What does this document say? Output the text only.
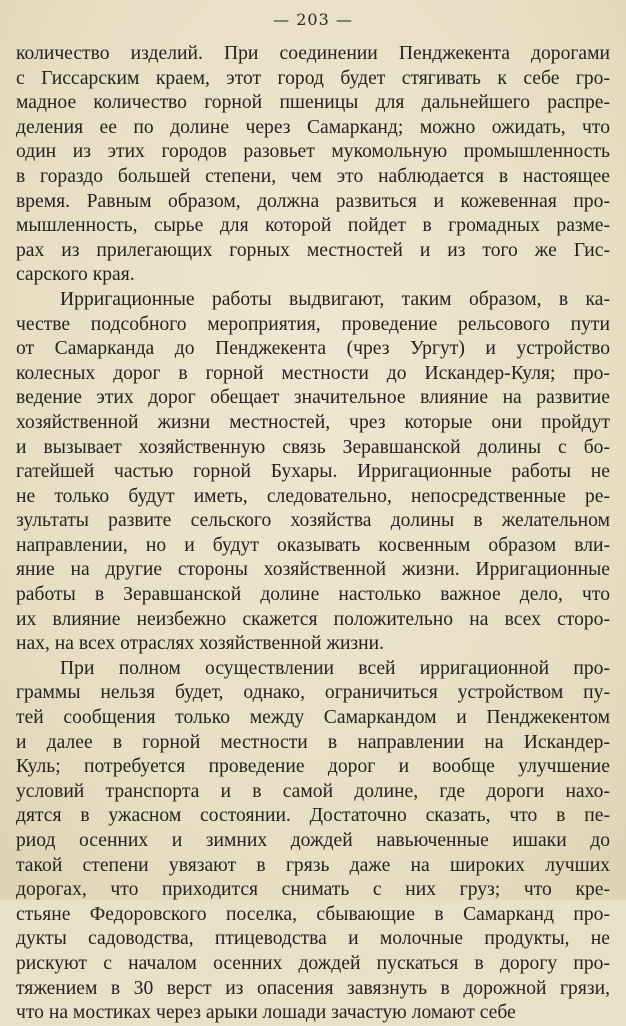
— 203 —
количество изделий. При соединении Пенджекента дорогами
с Гиссарским краем, этот город будет стягивать к себе гро-
мадное количество горной пшеницы для дальнейшего распре-
деления ее по долине через Самарканд; можно ожидать, что
один из этих городов разовьет мукомольную промышленность
в гораздо большей степени, чем это наблюдается в настоящее
время. Равным образом, должна развиться и кожевенная про-
мышленность, сырье для которой пойдет в громадных размe-
рах из прилегающих горных местностей и из того же Гис-
сарского края.
Ирригационные работы выдвигают, таким образом, в ка-
честве подсобного мероприятия, проведение рельсового пути
от Самарканда до Пенджекента (чрез Ургут) и устройство
колесных дорог в горной местности до Искандер-Куля; про-
ведение этих дорог обещает значительное влияние на развитие
хозяйственной жизни местностей, чрез которые они пройдут
и вызывает хозяйственную связь Зеравшанской долины с бо-
гатейшей частью горной Бухары. Ирригационные работы не
не только будут иметь, следовательно, непосредственные ре-
зультаты развите сельского хозяйства долины в желательном
направлении, но и будут оказывать косвенным образом вли-
яние на другие стороны хозяйственной жизни. Ирригационные
работы в Зеравшанской долине настолько важное дело, что
их влияние неизбежно скажется положительно на всех сторо-
нах, на всех отраслях хозяйственной жизни.
При полном осуществлении всей ирригационной про-
граммы нельзя будет, однако, ограничиться устройством пу-
тей сообщения только между Самаркандом и Пенджекентом
и далее в горной местности в направлении на Искандер-
Куль; потребуется проведение дорог и вообще улучшение
условий транспорта и в самой долине, где дороги нахо-
дятся в ужасном состоянии. Достаточно сказать, что в пе-
риод осенних и зимних дождей навьюченные ишаки до
такой степени увязают в грязь даже на широких лучших
дорогах, что приходится снимать с них груз; что кре-
стьяне Федоровского поселка, сбывающие в Самарканд про-
дукты садоводства, птицеводства и молочные продукты, не
рискуют с началом осенних дождей пускаться в дорогу про-
тяжением в 30 верст из опасения завязнуть в дорожной грязи,
что на мостиках через арыки лошади зачастую ломают себе
